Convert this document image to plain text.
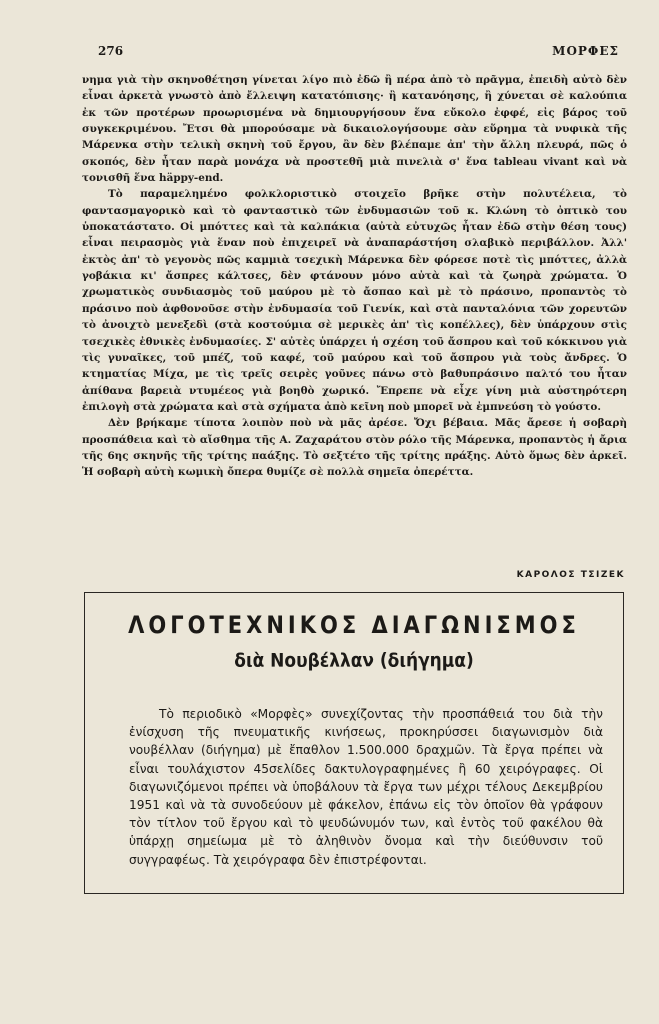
276	ΜΟΡΦΕΣ

νημα γιὰ τὴν σκηνοθέτηση γίνεται λίγο πιὸ ἐδῶ ἢ πέρα ἀπὸ τὸ πρᾶγμα, ἐπειδὴ αὐτὸ δὲν εἶναι ἀρκετὰ γνωστὸ ἀπὸ ἔλλειψη κατατόπισης· ἢ κατανόησης, ἢ χύνεται σὲ καλούπια ἐκ τῶν προτέρων προωρισμένα νὰ δημιουργήσουν ἕνα εὔκολο ἐφφέ, εἰς βάρος τοῦ συγκεκριμένου. Ἔτσι θὰ μπορούσαμε νὰ δικαιολογήσουμε σὰν εὕρημα τὰ νυφικὰ τῆς Μάρενκα στὴν τελικὴ σκηνὴ τοῦ ἔργου, ἂν δὲν βλέπαμε ἀπ' τὴν ἄλλη πλευρά, πῶς ὁ σκοπός, δὲν ἦταν παρὰ μονάχα νὰ προστεθῆ μιὰ πινελιὰ σ' ἕνα tableau vivant καὶ νὰ τονισθῆ ἕνα häppy-end.

Τὸ παραμελημένο φολκλοριστικὸ στοιχεῖο βρῆκε στὴν πολυτέλεια, τὸ φαντασμαγορικὸ καὶ τὸ φανταστικὸ τῶν ἐνδυμασιῶν τοῦ κ. Κλώνη τὸ ὀπτικὸ του ὑποκατάστατο. Οἱ μπόττες καὶ τὰ καλπάκια (αὐτὰ εὐτυχῶς ἦταν ἐδῶ στὴν θέση τους) εἶναι πειρασμὸς γιὰ ἕναν ποὺ ἐπιχειρεῖ νὰ ἀναπαράστήση σλαβικὸ περιβάλλον. Ἀλλ' ἐκτὸς ἀπ' τὸ γεγονὸς πῶς καμμιὰ τσεχικὴ Μάρενκα δὲν φόρεσε ποτὲ τὶς μπόττες, ἀλλὰ γοβάκια κι' ἄσπρες κάλτσες, δὲν φτάνουν μόνο αὐτὰ καὶ τὰ ζωηρὰ χρώματα. Ὁ χρωματικὸς συνδιασμὸς τοῦ μαύρου μὲ τὸ ἄσπαο καὶ μὲ τὸ πράσινο, προπαντὸς τὸ πράσινο ποὺ ἀφθονοῦσε στὴν ἐνδυμασία τοῦ Γιενίκ, καὶ στὰ πανταλόνια τῶν χορευτῶν τὸ ἀνοιχτὸ μενεξεδὶ (στὰ κοστούμια σὲ μερικὲς ἀπ' τὶς κοπέλλες), δὲν ὑπάρχουν στὶς τσεχικὲς ἐθνικὲς ἐνδυμασίες. Σ' αὐτὲς ὑπάρχει ἡ σχέση τοῦ ἄσπρου καὶ τοῦ κόκκινου γιὰ τὶς γυναῖκες, τοῦ μπέζ, τοῦ καφέ, τοῦ μαύρου καὶ τοῦ ἄσπρου γιὰ τοὺς ἄνδρες. Ὁ κτηματίας Μίχα, με τὶς τρεῖς σειρὲς γοῦνες πάνω στὸ βαθυπράσινο παλτό του ἦταν ἀπίθανα βαρειὰ ντυμέεος γιὰ βοηθὸ χωρικό. Ἔπρεπε νὰ εἶχε γίνη μιὰ αὐστηρότερη ἐπιλογὴ στὰ χρώματα καὶ στὰ σχήματα ἀπὸ κεῖνη ποὺ μπορεῖ νὰ ἐμπνεύση τὸ γούστο.

Δὲν βρήκαμε τίποτα λοιπὸν ποὺ νὰ μᾶς ἀρέσε. Ὄχι βέβαια. Μᾶς ἄρεσε ἡ σοβαρὴ προσπάθεια καὶ τὸ αἴσθημα τῆς Α. Ζαχαράτου στὸν ρόλο τῆς Μάρενκα, προπαντὸς ἡ ἄρια τῆς 6ης σκηνῆς τῆς τρίτης παάξης. Τὸ σεξτέτο τῆς τρίτης πράξης. Αὐτὸ ὅμως δὲν ἀρκεῖ. Ἡ σοβαρὴ αὐτὴ κωμικὴ ὄπερα θυμίζε σὲ πολλὰ σημεῖα ὀπερέττα.

ΚΑΡΟΛΟΣ ΤΣΙΖΕΚ
ΛΟΓΟΤΕΧΝΙΚΟΣ ΔΙΑΓΩΝΙΣΜΟΣ
διὰ Νουβέλλαν (διήγημα)

Τὸ περιοδικὸ «Μορφὲς» συνεχίζοντας τὴν προσπάθειά του διὰ τὴν ἐνίσχυση τῆς πνευματικῆς κινήσεως, προκηρύσσει διαγωνισμὸν διὰ νουβέλλαν (διήγημα) μὲ ἔπαθλον 1.500.000 δραχμῶν. Τὰ ἔργα πρέπει νὰ εἶναι τουλάχιστον 45σελίδες δακτυλογραφημένες ἢ 60 χειρόγραφες. Οἱ διαγωνιζόμενοι πρέπει νὰ ὑποβάλουν τὰ ἔργα των μέχρι τέλους Δεκεμβρίου 1951 καὶ νὰ τὰ συνοδεύουν μὲ φάκελον, ἐπάνω εἰς τὸν ὁποῖον θὰ γράφουν τὸν τίτλον τοῦ ἔργου καὶ τὸ ψευδώνυμόν των, καὶ ἐντὸς τοῦ φακέλου θὰ ὑπάρχῃ σημείωμα μὲ τὸ ἀληθινὸν ὄνομα καὶ τὴν διεύθυνσιν τοῦ συγγραφέως. Τὰ χειρόγραφα δὲν ἐπιστρέφονται.
